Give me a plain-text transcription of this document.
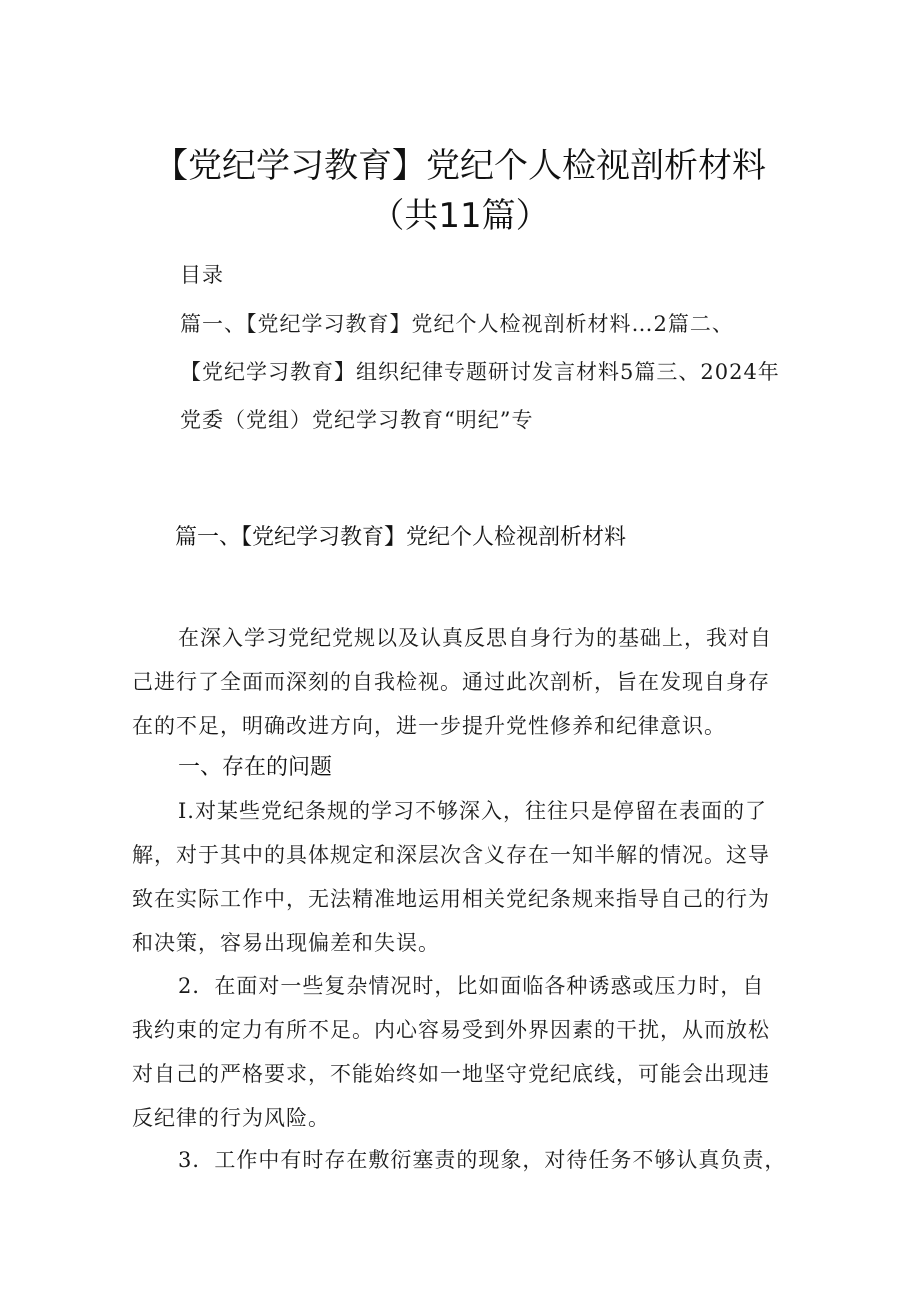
【党纪学习教育】党纪个人检视剖析材料
（共11篇）
目录
篇一、【党纪学习教育】党纪个人检视剖析材料…2篇二、
【党纪学习教育】组织纪律专题研讨发言材料5篇三、2024年
党委（党组）党纪学习教育“明纪”专
篇一、【党纪学习教育】党纪个人检视剖析材料
在深入学习党纪党规以及认真反思自身行为的基础上，我对自
己进行了全面而深刻的自我检视。通过此次剖析，旨在发现自身存
在的不足，明确改进方向，进一步提升党性修养和纪律意识。
一、存在的问题
I.对某些党纪条规的学习不够深入，往往只是停留在表面的了
解，对于其中的具体规定和深层次含义存在一知半解的情况。这导
致在实际工作中，无法精准地运用相关党纪条规来指导自己的行为
和决策，容易出现偏差和失误。
2．在面对一些复杂情况时，比如面临各种诱惑或压力时，自
我约束的定力有所不足。内心容易受到外界因素的干扰，从而放松
对自己的严格要求，不能始终如一地坚守党纪底线，可能会出现违
反纪律的行为风险。
3．工作中有时存在敷衍塞责的现象，对待任务不够认真负责，
